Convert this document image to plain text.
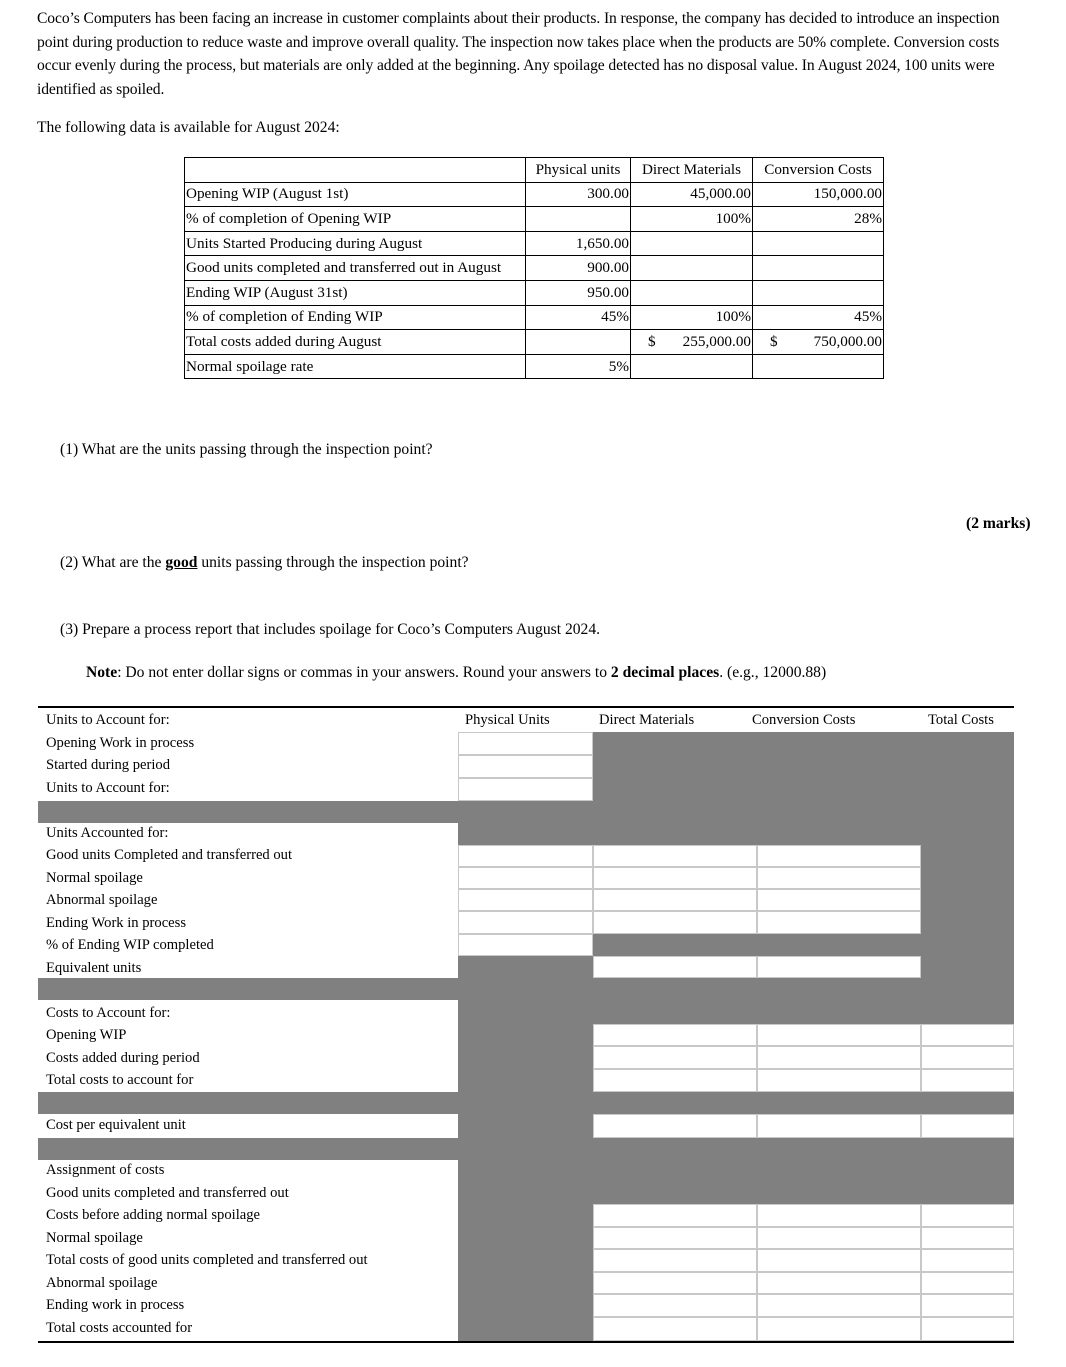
Coco’s Computers has been facing an increase in customer complaints about their products. In response, the company has decided to introduce an inspection point during production to reduce waste and improve overall quality. The inspection now takes place when the products are 50% complete. Conversion costs occur evenly during the process, but materials are only added at the beginning. Any spoilage detected has no disposal value. In August 2024, 100 units were identified as spoiled.
The following data is available for August 2024:
	Physical units	Direct Materials	Conversion Costs
Opening WIP (August 1st)	300.00	45,000.00	150,000.00
% of completion of Opening WIP		100%	28%
Units Started Producing during August	1,650.00		
Good units completed and transferred out in August	900.00		
Ending WIP (August 31st)	950.00		
% of completion of Ending WIP	45%	100%	45%
Total costs added during August		$ 255,000.00	$ 750,000.00
Normal spoilage rate	5%		
(1) What are the units passing through the inspection point?
(2 marks)
(2) What are the good units passing through the inspection point?
(3) Prepare a process report that includes spoilage for Coco’s Computers August 2024.
Note: Do not enter dollar signs or commas in your answers. Round your answers to 2 decimal places. (e.g., 12000.88)
Units to Account for:	Physical Units	Direct Materials	Conversion Costs	Total Costs
Opening Work in process
Started during period
Units to Account for:
Units Accounted for:
Good units Completed and transferred out
Normal spoilage
Abnormal spoilage
Ending Work in process
% of Ending WIP completed
Equivalent units
Costs to Account for:
Opening WIP
Costs added during period
Total costs to account for
Cost per equivalent unit
Assignment of costs
Good units completed and transferred out
Costs before adding normal spoilage
Normal spoilage
Total costs of good units completed and transferred out
Abnormal spoilage
Ending work in process
Total costs accounted for
